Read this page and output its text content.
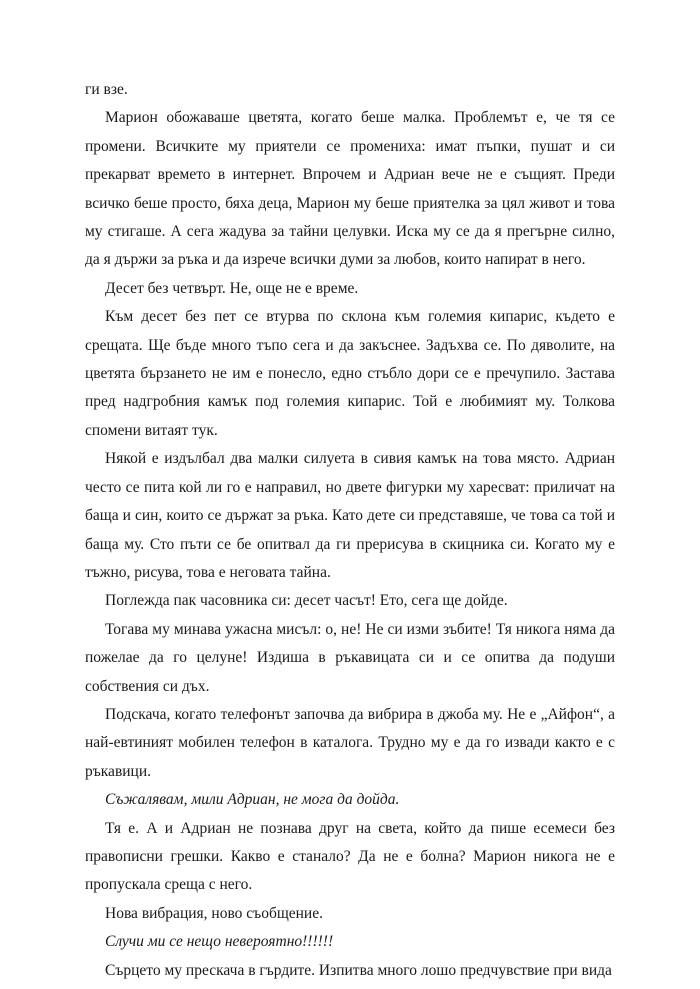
ги взе.

Марион обожаваше цветята, когато беше малка. Проблемът е, че тя се промени. Всичките му приятели се промениха: имат пъпки, пушат и си прекарват времето в интернет. Впрочем и Адриан вече не е същият. Преди всичко беше просто, бяха деца, Марион му беше приятелка за цял живот и това му стигаше. А сега жадува за тайни целувки. Иска му се да я прегърне силно, да я държи за ръка и да изрече всички думи за любов, които напират в него.

Десет без четвърт. Не, още не е време.

Към десет без пет се втурва по склона към големия кипарис, където е срещата. Ще бъде много тъпо сега и да закъснее. Задъхва се. По дяволите, на цветята бързането не им е понесло, едно стъбло дори се е пречупило. Застава пред надгробния камък под големия кипарис. Той е любимият му. Толкова спомени витаят тук.

Някой е издълбал два малки силуета в сивия камък на това място. Адриан често се пита кой ли го е направил, но двете фигурки му харесват: приличат на баща и син, които се държат за ръка. Като дете си представяше, че това са той и баща му. Сто пъти се бе опитвал да ги прерисува в скицника си. Когато му е тъжно, рисува, това е неговата тайна.

Поглежда пак часовника си: десет часът! Ето, сега ще дойде.

Тогава му минава ужасна мисъл: о, не! Не си изми зъбите! Тя никога няма да пожелае да го целуне! Издиша в ръкавицата си и се опитва да подуши собствения си дъх.

Подскача, когато телефонът започва да вибрира в джоба му. Не е „Айфон“, а най-евтиният мобилен телефон в каталога. Трудно му е да го извади както е с ръкавици.

Съжалявам, мили Адриан, не мога да дойда.

Тя е. А и Адриан не познава друг на света, който да пише есемеси без правописни грешки. Какво е станало? Да не е болна? Марион никога не е пропускала среща с него.

Нова вибрация, ново съобщение.

Случи ми се нещо невероятно!!!!!!

Сърцето му прескача в гърдите. Изпитва много лошо предчувствие при вида
